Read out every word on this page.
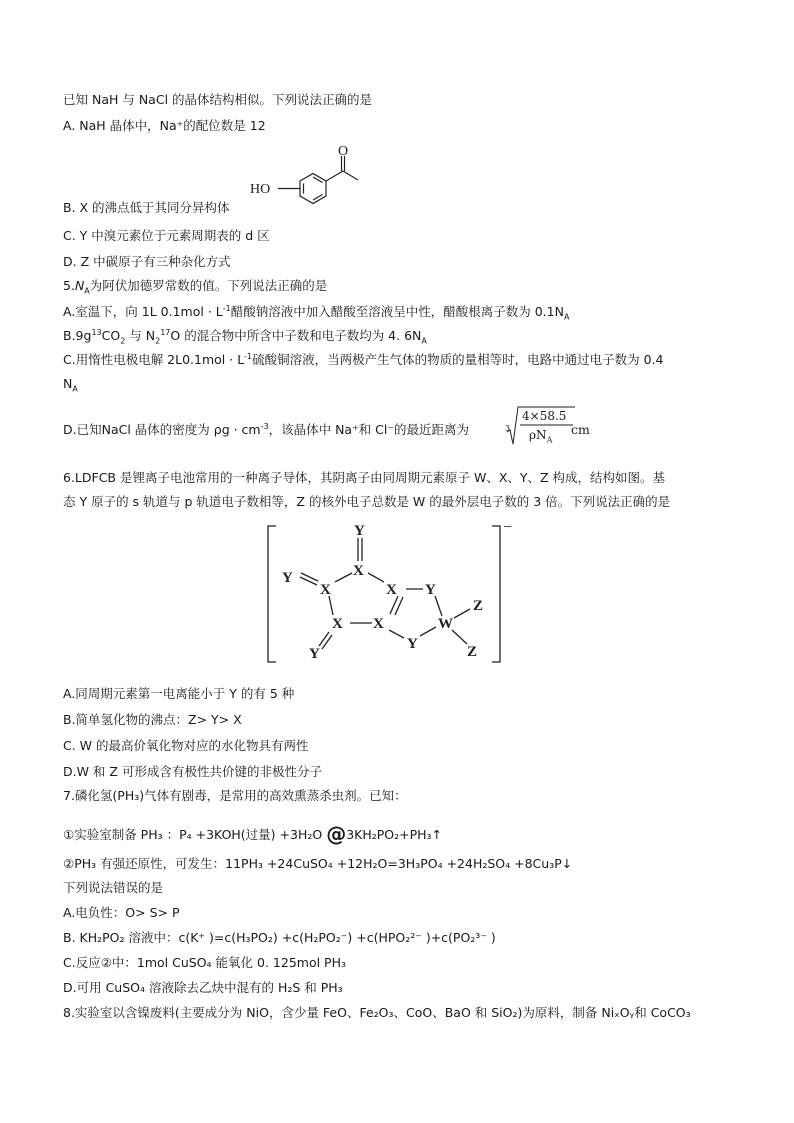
已知 NaH 与 NaCl 的晶体结构相似。下列说法正确的是
A. NaH 晶体中，Na⁺的配位数是 12
HO
O
B. X 的沸点低于其同分异构体
C. Y 中溴元素位于元素周期表的 d 区
D. Z 中碳原子有三种杂化方式
$5.N_A$为阿伏加德罗常数的值。下列说法正确的是
A.室温下，向 1L $0.1mol \cdot L^{-1}$醋酸钠溶液中加入醋酸至溶液呈中性，醋酸根离子数为 $0.1N_A$
$B.9g^{13}CO_2$ 与 $N_2^{17}O$ 的混合物中所含中子数和电子数均为 4. $6N_A$
C.用惰性电极电解 $2L0.1mol \cdot L^{-1}$硫酸铜溶液，当两极产生气体的物质的量相等时，电路中通过电子数为 0.4
$N_A$
D.已知NaCl 晶体的密度为 $\rho g \cdot cm^{-3}$，该晶体中 Na⁺和 Cl⁻的最近距离为	3
4×58.5
$\rho N_A$
cm
6.LDFCB 是锂离子电池常用的一种离子导体，其阴离子由同周期元素原子 W、X、Y、Z 构成，结构如图。基
态 Y 原子的 s 轨道与 p 轨道电子数相等，Z 的核外电子总数是 W 的最外层电子数的 3 倍。下列说法正确的是
Y
X
Y
X	X Y
X X	W
Z
Y
Y	Z
−
A.同周期元素第一电离能小于 Y 的有 5 种
B.简单氢化物的沸点：Z> Y> X
C. W 的最高价氧化物对应的水化物具有两性
D.W 和 Z 可形成含有极性共价键的非极性分子
7.磷化氢(PH₃)气体有剧毒，是常用的高效熏蒸杀虫剂。已知：
①实验室制备 PH₃ ：P₄ +3KOH(过量) +3H₂O @3KH₂PO₂+PH₃↑
②PH₃ 有强还原性，可发生：11PH₃ +24CuSO₄ +12H₂O=3H₃PO₄ +24H₂SO₄ +8Cu₃P↓
下列说法错误的是
A.电负性：O> S> P
B. KH₂PO₂ 溶液中：c(K⁺ )=c(H₃PO₂) +c(H₂PO₂⁻) +c(HPO₂²⁻ )+c(PO₂³⁻ )
C.反应②中：1mol CuSO₄ 能氧化 0. 125mol PH₃
D.可用 CuSO₄ 溶液除去乙炔中混有的 H₂S 和 PH₃
8.实验室以含镍废料(主要成分为 NiO，含少量 FeO、Fe₂O₃、CoO、BaO 和 SiO₂)为原料，制备 NiₓOᵧ和 CoCO₃
